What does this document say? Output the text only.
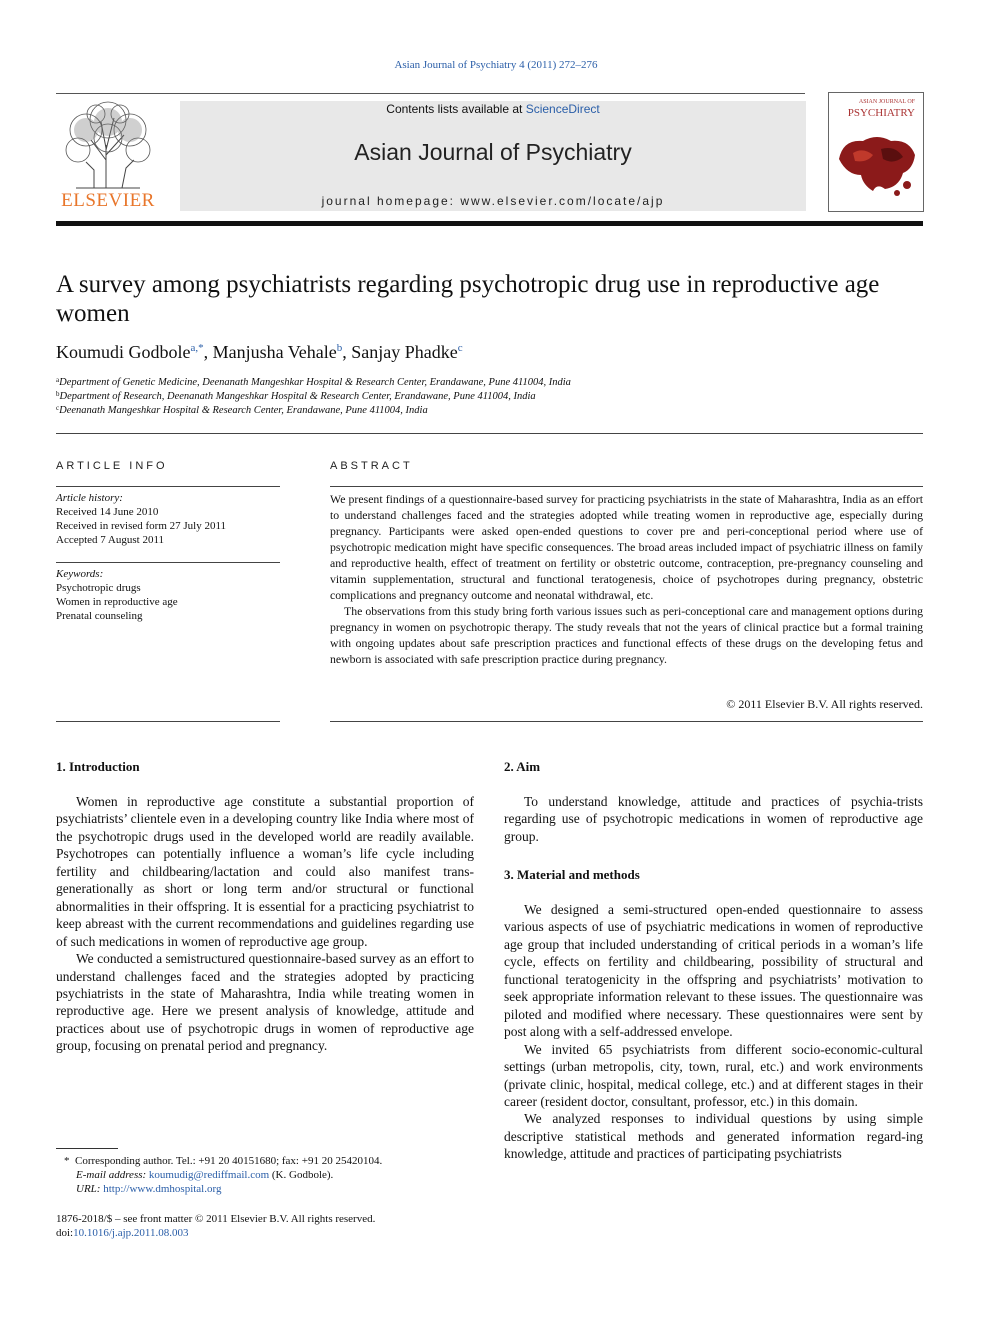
Asian Journal of Psychiatry 4 (2011) 272–276
ELSEVIER
Contents lists available at ScienceDirect
Asian Journal of Psychiatry
journal homepage: www.elsevier.com/locate/ajp
ASIAN JOURNAL OF
PSYCHIATRY
A survey among psychiatrists regarding psychotropic drug use in reproductive age women
Koumudi Godbole$^{a,*}$, Manjusha Vehale$^b$, Sanjay Phadke$^c$
$^a$Department of Genetic Medicine, Deenanath Mangeshkar Hospital & Research Center, Erandawane, Pune 411004, India
$^b$Department of Research, Deenanath Mangeshkar Hospital & Research Center, Erandawane, Pune 411004, India
$^c$Deenanath Mangeshkar Hospital & Research Center, Erandawane, Pune 411004, India
ARTICLE INFO
Article history:
Received 14 June 2010
Received in revised form 27 July 2011
Accepted 7 August 2011
Keywords:
Psychotropic drugs
Women in reproductive age
Prenatal counseling
ABSTRACT

We present findings of a questionnaire-based survey for practicing psychiatrists in the state of Maharashtra, India as an effort to understand challenges faced and the strategies adopted while treating women in reproductive age, especially during pregnancy. Participants were asked open-ended questions to cover pre and peri-conceptional period where use of psychotropic medication might have specific consequences. The broad areas included impact of psychiatric illness on family and reproductive health, effect of treatment on fertility or obstetric outcome, contraception, pre-pregnancy counseling and vitamin supplementation, structural and functional teratogenesis, choice of psychotropes during pregnancy, obstetric complications and pregnancy outcome and neonatal withdrawal, etc.

The observations from this study bring forth various issues such as peri-conceptional care and management options during pregnancy in women on psychotropic therapy. The study reveals that not the years of clinical practice but a formal training with ongoing updates about safe prescription practices and functional effects of these drugs on the developing fetus and newborn is associated with safe prescription practice during pregnancy.

© 2011 Elsevier B.V. All rights reserved.
1. Introduction

Women in reproductive age constitute a substantial proportion of psychiatrists’ clientele even in a developing country like India where most of the psychotropic drugs used in the developed world are readily available. Psychotropes can potentially influence a woman’s life cycle including fertility and childbearing/lactation and could also manifest trans-generationally as short or long term and/or structural or functional abnormalities in their offspring. It is essential for a practicing psychiatrist to keep abreast with the current recommendations and guidelines regarding use of such medications in women of reproductive age group.

We conducted a semistructured questionnaire-based survey as an effort to understand challenges faced and the strategies adopted by practicing psychiatrists in the state of Maharashtra, India while treating women in reproductive age. Here we present analysis of knowledge, attitude and practices about use of psychotropic drugs in women of reproductive age group, focusing on prenatal period and pregnancy.

*  Corresponding author. Tel.: +91 20 40151680; fax: +91 20 25420104.
E-mail address: koumudig@rediffmail.com (K. Godbole).
URL: http://www.dmhospital.org
1876-2018/$ – see front matter © 2011 Elsevier B.V. All rights reserved.
doi:10.1016/j.ajp.2011.08.003
2. Aim

To understand knowledge, attitude and practices of psychia-trists regarding use of psychotropic medications in women of reproductive age group.

3. Material and methods

We designed a semi-structured open-ended questionnaire to assess various aspects of use of psychiatric medications in women of reproductive age group that included understanding of critical periods in a woman’s life cycle, effects on fertility and childbearing, possibility of structural and functional teratogenicity in the offspring and psychiatrists’ motivation to seek appropriate information relevant to these issues. The questionnaire was piloted and modified where necessary. These questionnaires were sent by post along with a self-addressed envelope.

We invited 65 psychiatrists from different socio-economic-cultural settings (urban metropolis, city, town, rural, etc.) and work environments (private clinic, hospital, medical college, etc.) and at different stages in their career (resident doctor, consultant, professor, etc.) in this domain.

We analyzed responses to individual questions by using simple descriptive statistical methods and generated information regard-ing knowledge, attitude and practices of participating psychiatrists
